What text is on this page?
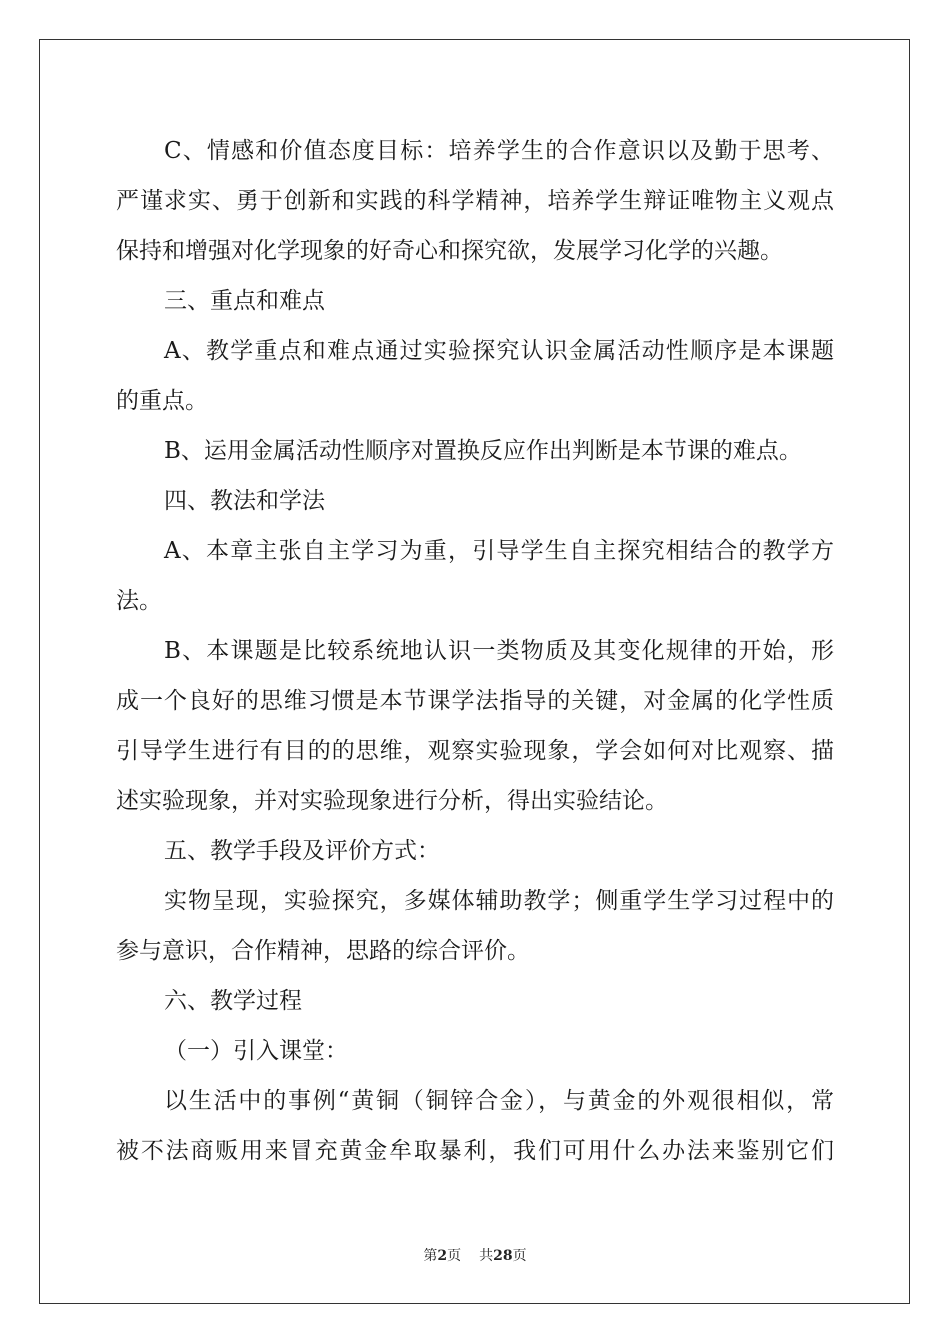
C、情感和价值态度目标：培养学生的合作意识以及勤于思考、
严谨求实、勇于创新和实践的科学精神，培养学生辩证唯物主义观点
保持和增强对化学现象的好奇心和探究欲，发展学习化学的兴趣。
三、重点和难点
A、教学重点和难点通过实验探究认识金属活动性顺序是本课题
的重点。
B、运用金属活动性顺序对置换反应作出判断是本节课的难点。
四、教法和学法
A、本章主张自主学习为重，引导学生自主探究相结合的教学方
法。
B、本课题是比较系统地认识一类物质及其变化规律的开始，形
成一个良好的思维习惯是本节课学法指导的关键，对金属的化学性质
引导学生进行有目的的思维，观察实验现象，学会如何对比观察、描
述实验现象，并对实验现象进行分析，得出实验结论。
五、教学手段及评价方式：
实物呈现，实验探究，多媒体辅助教学；侧重学生学习过程中的
参与意识，合作精神，思路的综合评价。
六、教学过程
（一）引入课堂：
以生活中的事例“黄铜（铜锌合金），与黄金的外观很相似，常
被不法商贩用来冒充黄金牟取暴利，我们可用什么办法来鉴别它们
第2页 共28页
